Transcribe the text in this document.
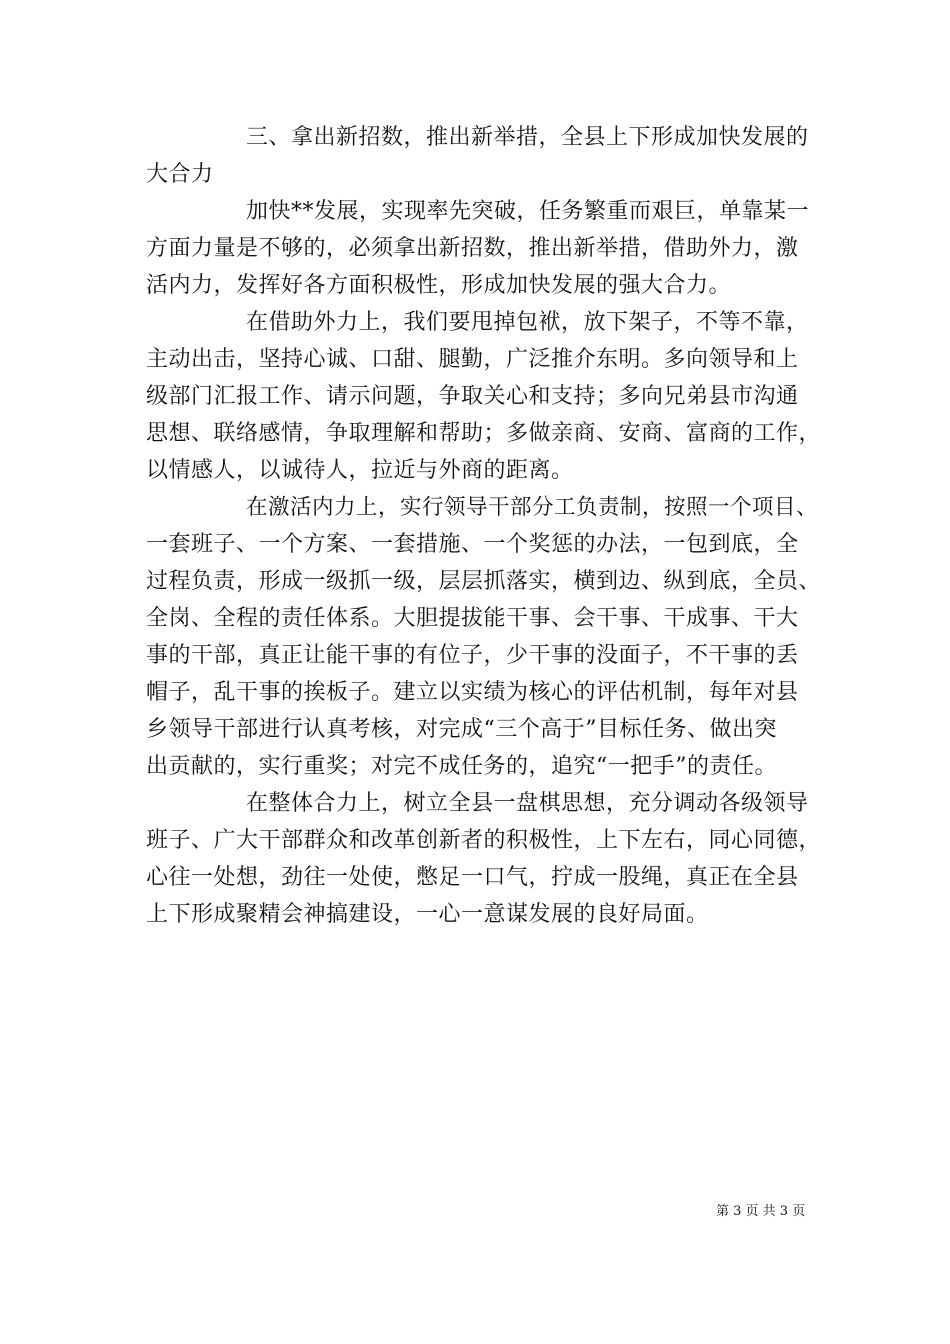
三、拿出新招数，推出新举措，全县上下形成加快发展的
大合力
加快**发展，实现率先突破，任务繁重而艰巨，单靠某一
方面力量是不够的，必须拿出新招数，推出新举措，借助外力，激
活内力，发挥好各方面积极性，形成加快发展的强大合力。
在借助外力上，我们要甩掉包袱，放下架子，不等不靠，
主动出击，坚持心诚、口甜、腿勤，广泛推介东明。多向领导和上
级部门汇报工作、请示问题，争取关心和支持；多向兄弟县市沟通
思想、联络感情，争取理解和帮助；多做亲商、安商、富商的工作，
以情感人，以诚待人，拉近与外商的距离。
在激活内力上，实行领导干部分工负责制，按照一个项目、
一套班子、一个方案、一套措施、一个奖惩的办法，一包到底，全
过程负责，形成一级抓一级，层层抓落实，横到边、纵到底，全员、
全岗、全程的责任体系。大胆提拔能干事、会干事、干成事、干大
事的干部，真正让能干事的有位子，少干事的没面子，不干事的丢
帽子，乱干事的挨板子。建立以实绩为核心的评估机制，每年对县
乡领导干部进行认真考核，对完成“三个高于”目标任务、做出突
出贡献的，实行重奖；对完不成任务的，追究“一把手”的责任。
在整体合力上，树立全县一盘棋思想，充分调动各级领导
班子、广大干部群众和改革创新者的积极性，上下左右，同心同德，
心往一处想，劲往一处使，憋足一口气，拧成一股绳，真正在全县
上下形成聚精会神搞建设，一心一意谋发展的良好局面。
第 3 页 共 3 页
